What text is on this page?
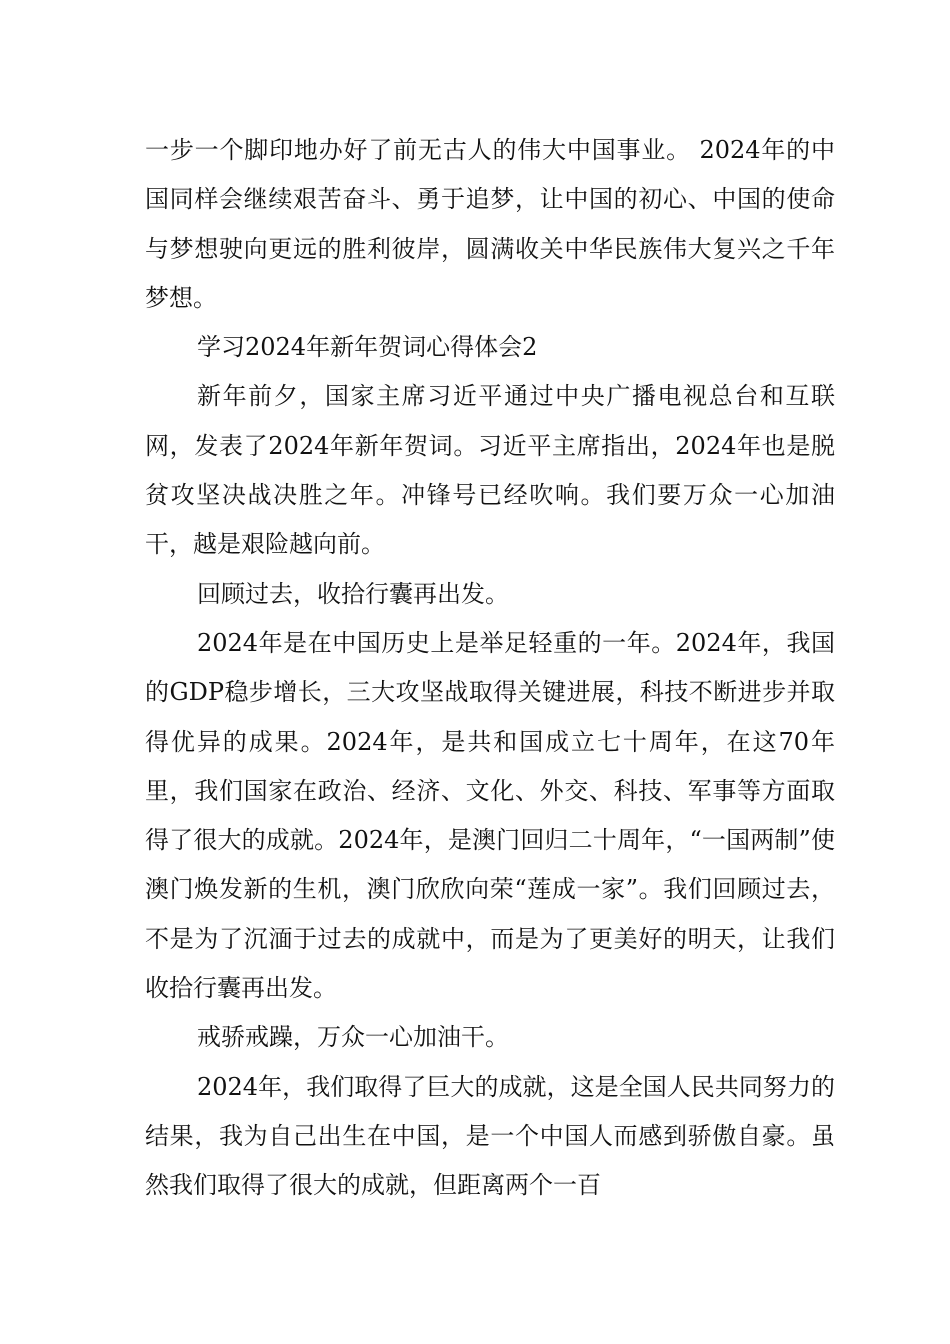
一步一个脚印地办好了前无古人的伟大中国事业。 2024年的中国同样会继续艰苦奋斗、勇于追梦，让中国的初心、中国的使命与梦想驶向更远的胜利彼岸，圆满收关中华民族伟大复兴之千年梦想。

学习2024年新年贺词心得体会2

新年前夕，国家主席习近平通过中央广播电视总台和互联网，发表了2024年新年贺词。习近平主席指出，2024年也是脱贫攻坚决战决胜之年。冲锋号已经吹响。我们要万众一心加油干，越是艰险越向前。

回顾过去，收拾行囊再出发。

2024年是在中国历史上是举足轻重的一年。2024年，我国的GDP稳步增长，三大攻坚战取得关键进展，科技不断进步并取得优异的成果。2024年，是共和国成立七十周年，在这70年里，我们国家在政治、经济、文化、外交、科技、军事等方面取得了很大的成就。2024年，是澳门回归二十周年，“一国两制”使澳门焕发新的生机，澳门欣欣向荣“莲成一家”。我们回顾过去，不是为了沉湎于过去的成就中，而是为了更美好的明天，让我们收拾行囊再出发。

戒骄戒躁，万众一心加油干。

2024年，我们取得了巨大的成就，这是全国人民共同努力的结果，我为自己出生在中国，是一个中国人而感到骄傲自豪。虽然我们取得了很大的成就，但距离两个一百
